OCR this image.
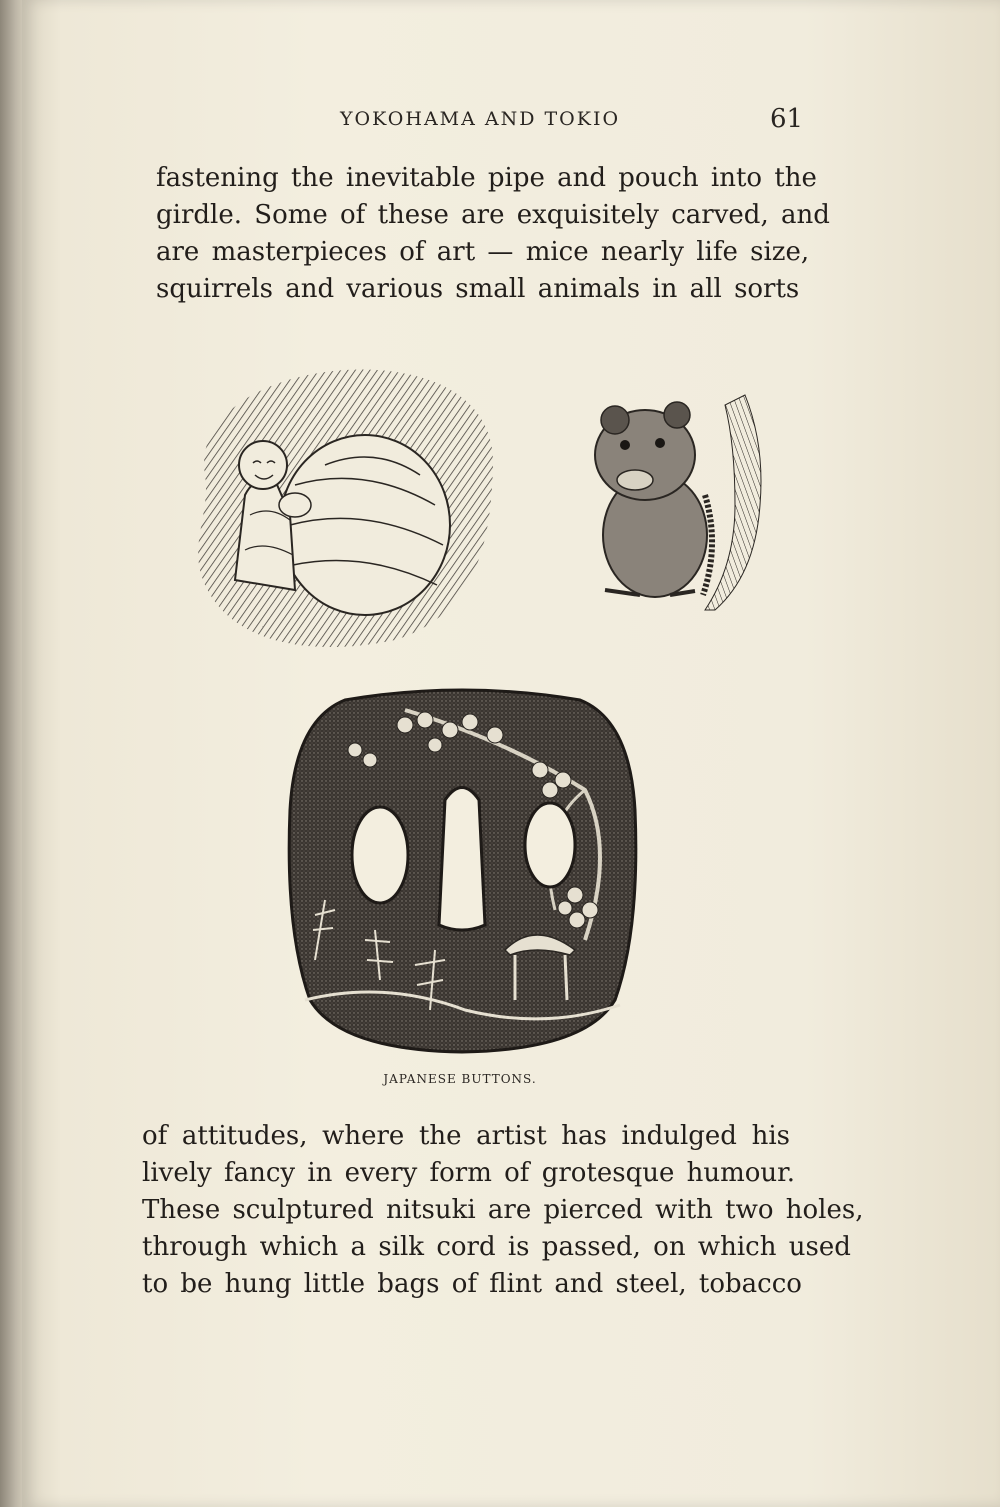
YOKOHAMA AND TOKIO	61
fastening the inevitable pipe and pouch into the
girdle. Some of these are exquisitely carved, and
are masterpieces of art — mice nearly life size,
squirrels and various small animals in all sorts
JAPANESE BUTTONS.
of attitudes, where the artist has indulged his
lively fancy in every form of grotesque humour.
These sculptured nitsuki are pierced with two holes,
through which a silk cord is passed, on which used
to be hung little bags of flint and steel, tobacco
